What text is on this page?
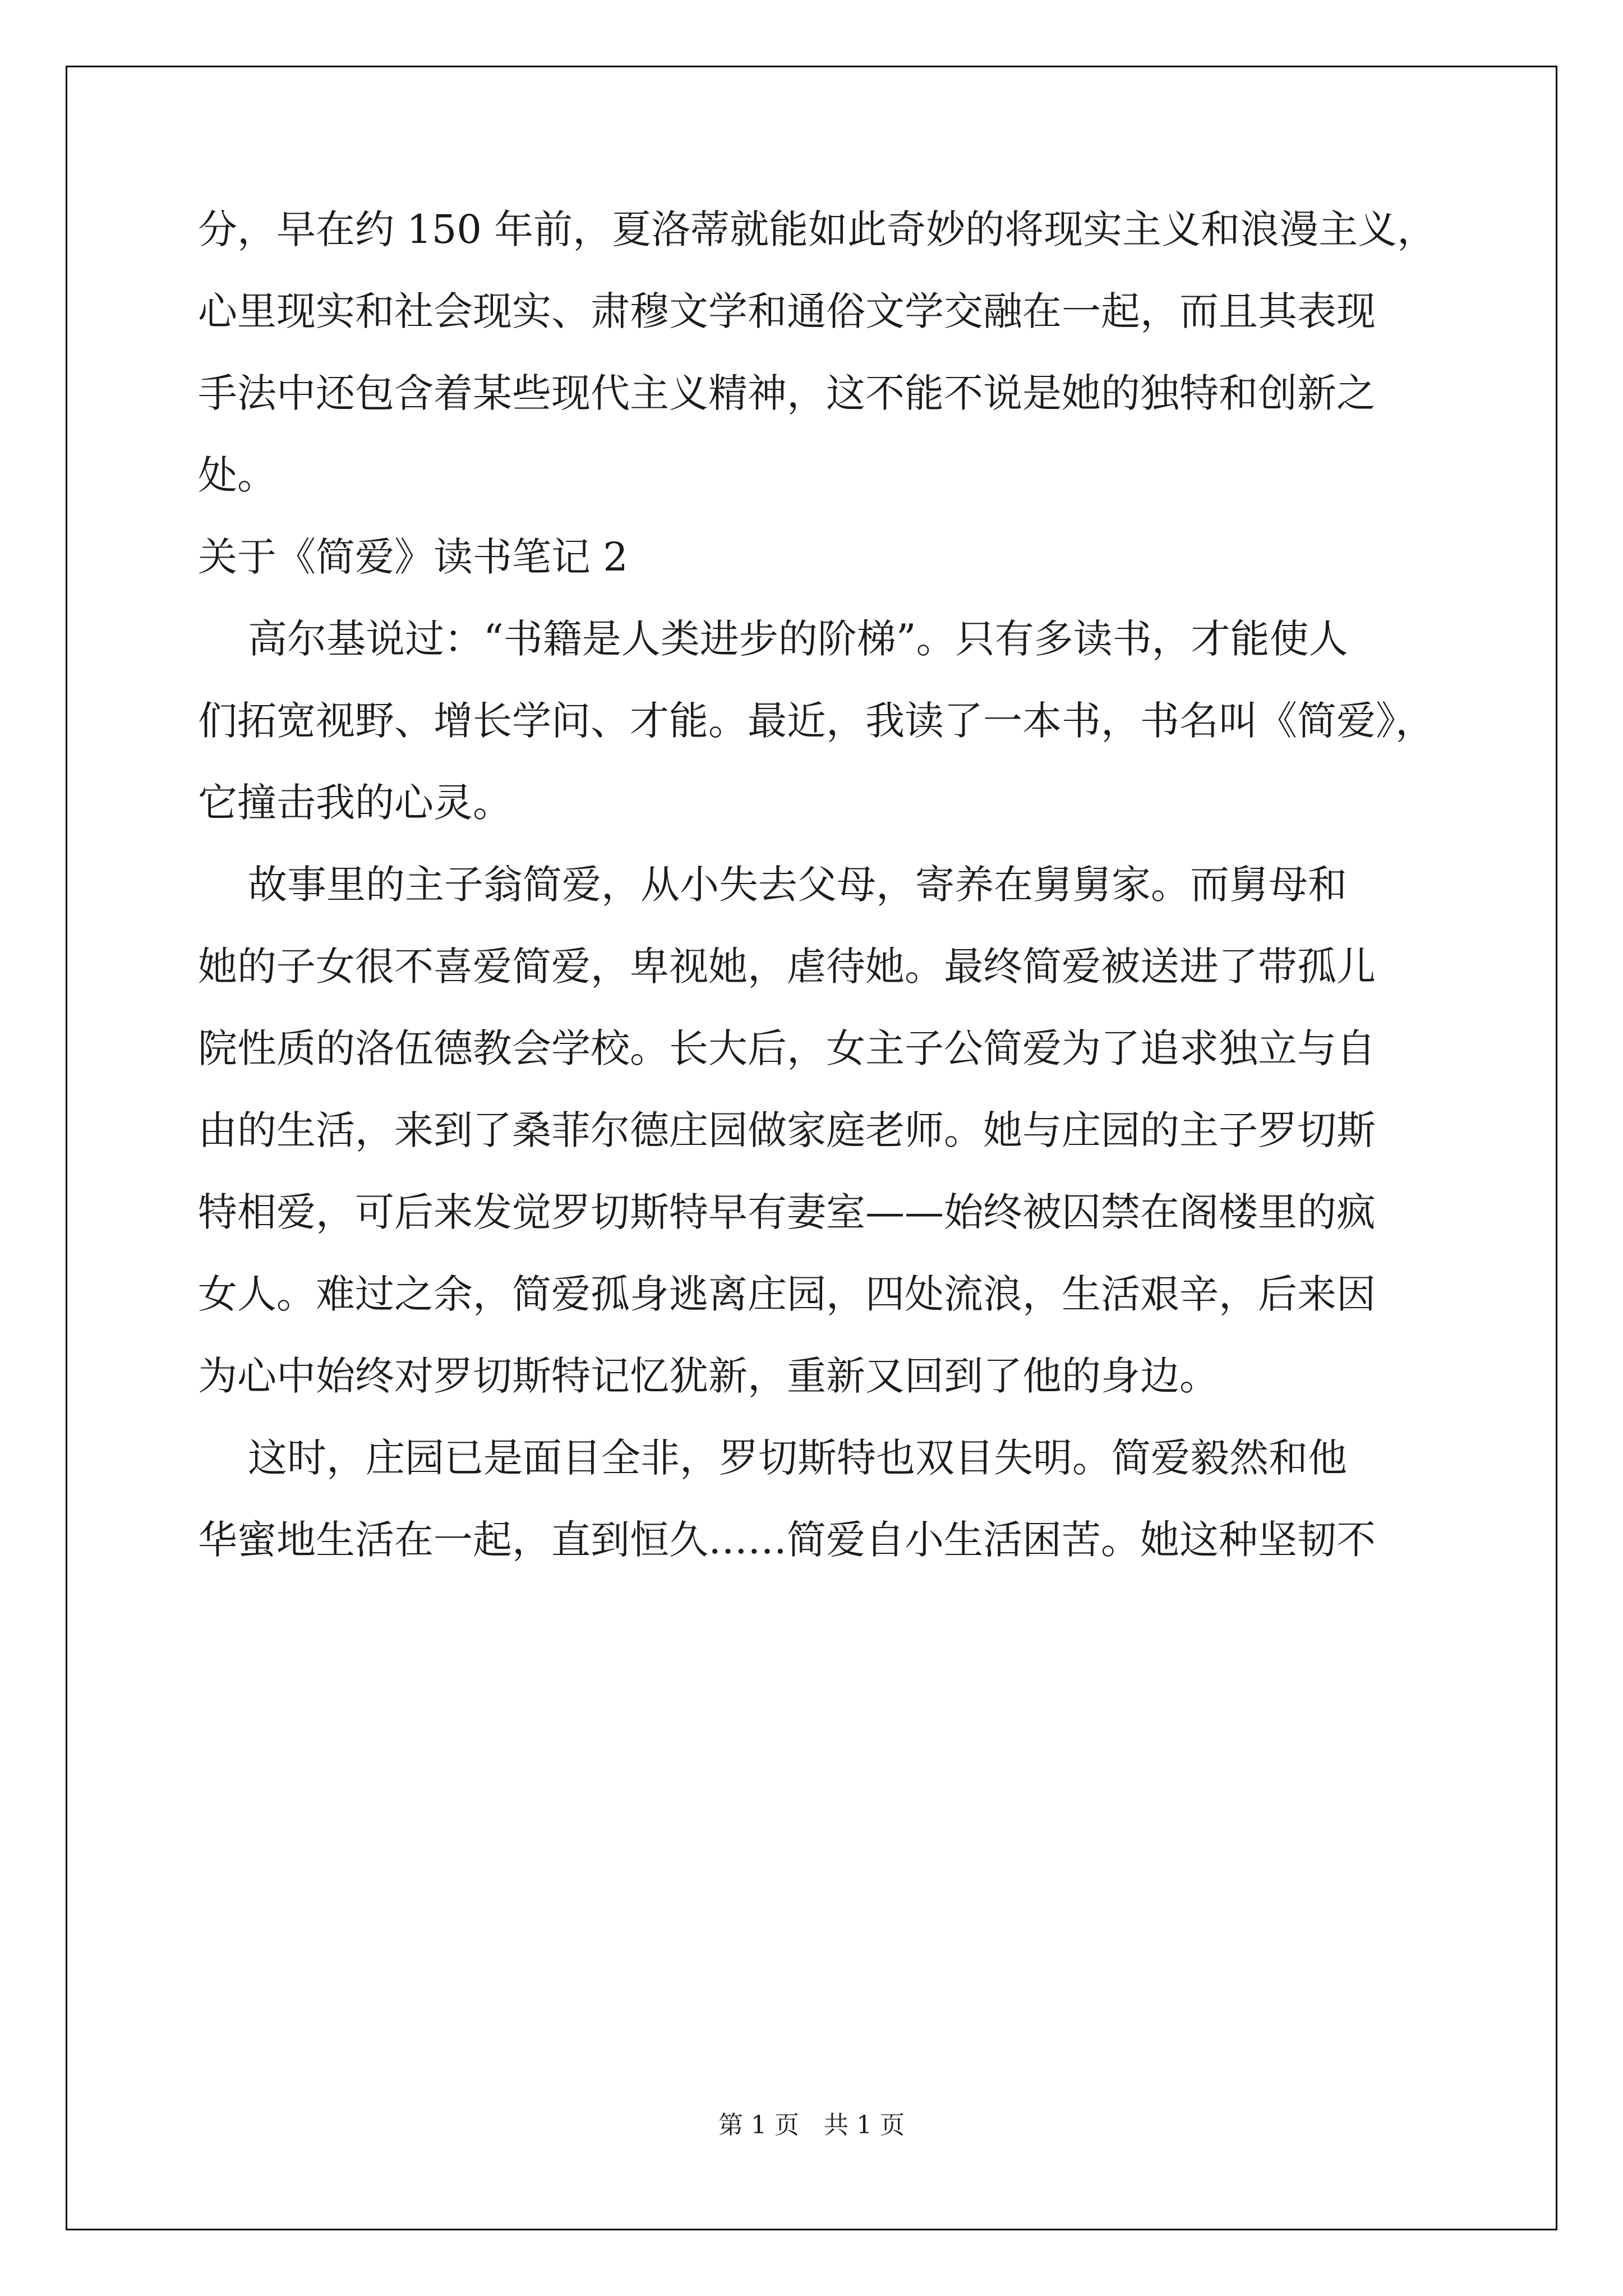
分，早在约 150 年前，夏洛蒂就能如此奇妙的将现实主义和浪漫主义，
心里现实和社会现实、肃穆文学和通俗文学交融在一起，而且其表现
手法中还包含着某些现代主义精神，这不能不说是她的独特和创新之
处。
关于《简爱》读书笔记 2
高尔基说过：“书籍是人类进步的阶梯”。只有多读书，才能使人
们拓宽视野、增长学问、才能。最近，我读了一本书，书名叫《简爱》，
它撞击我的心灵。
故事里的主子翁简爱，从小失去父母，寄养在舅舅家。而舅母和
她的子女很不喜爱简爱，卑视她，虐待她。最终简爱被送进了带孤儿
院性质的洛伍德教会学校。长大后，女主子公简爱为了追求独立与自
由的生活，来到了桑菲尔德庄园做家庭老师。她与庄园的主子罗切斯
特相爱，可后来发觉罗切斯特早有妻室——始终被囚禁在阁楼里的疯
女人。难过之余，简爱孤身逃离庄园，四处流浪，生活艰辛，后来因
为心中始终对罗切斯特记忆犹新，重新又回到了他的身边。
这时，庄园已是面目全非，罗切斯特也双目失明。简爱毅然和他
华蜜地生活在一起，直到恒久……简爱自小生活困苦。她这种坚韧不
第 1 页　共 1 页
